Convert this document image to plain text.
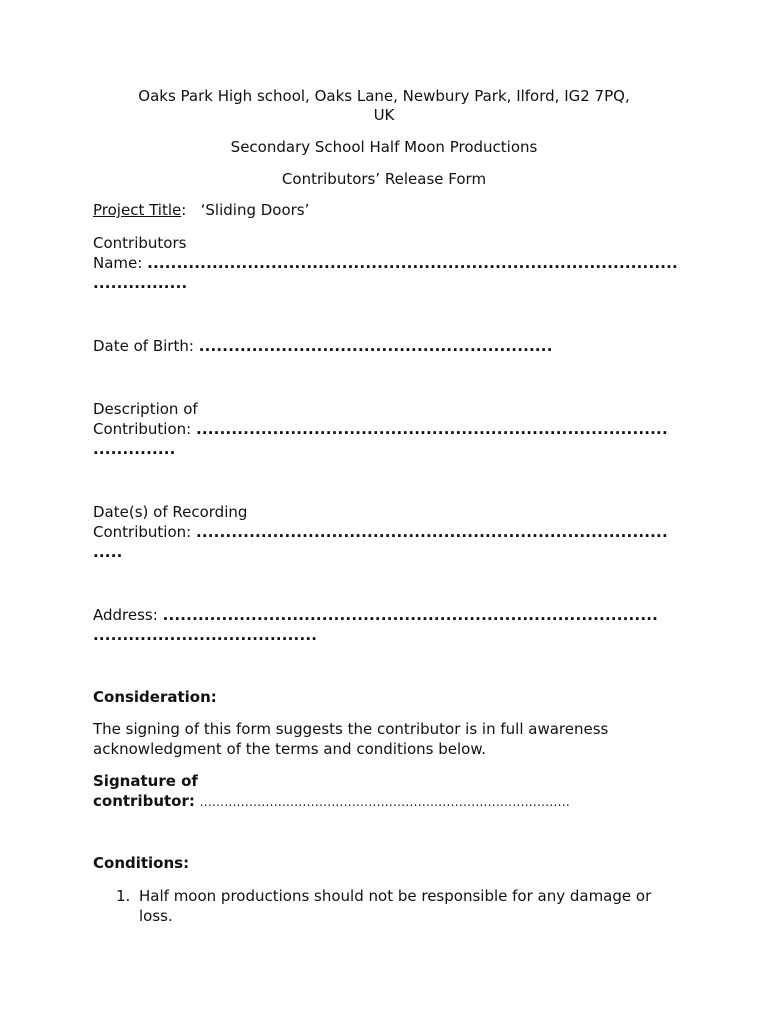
Oaks Park High school, Oaks Lane, Newbury Park, Ilford, IG2 7PQ,
UK
Secondary School Half Moon Productions
Contributors’ Release Form
Project Title: ‘Sliding Doors’
Contributors
Name: ..........................................................................................
................
Date of Birth: ............................................................
Description of
Contribution: ................................................................................
..............
Date(s) of Recording
Contribution: ................................................................................
.....
Address: ....................................................................................
......................................
Consideration:
The signing of this form suggests the contributor is in full awareness
acknowledgment of the terms and conditions below.
Signature of
contributor: ..........................................................................................
Conditions:
1. Half moon productions should not be responsible for any damage or
loss.
